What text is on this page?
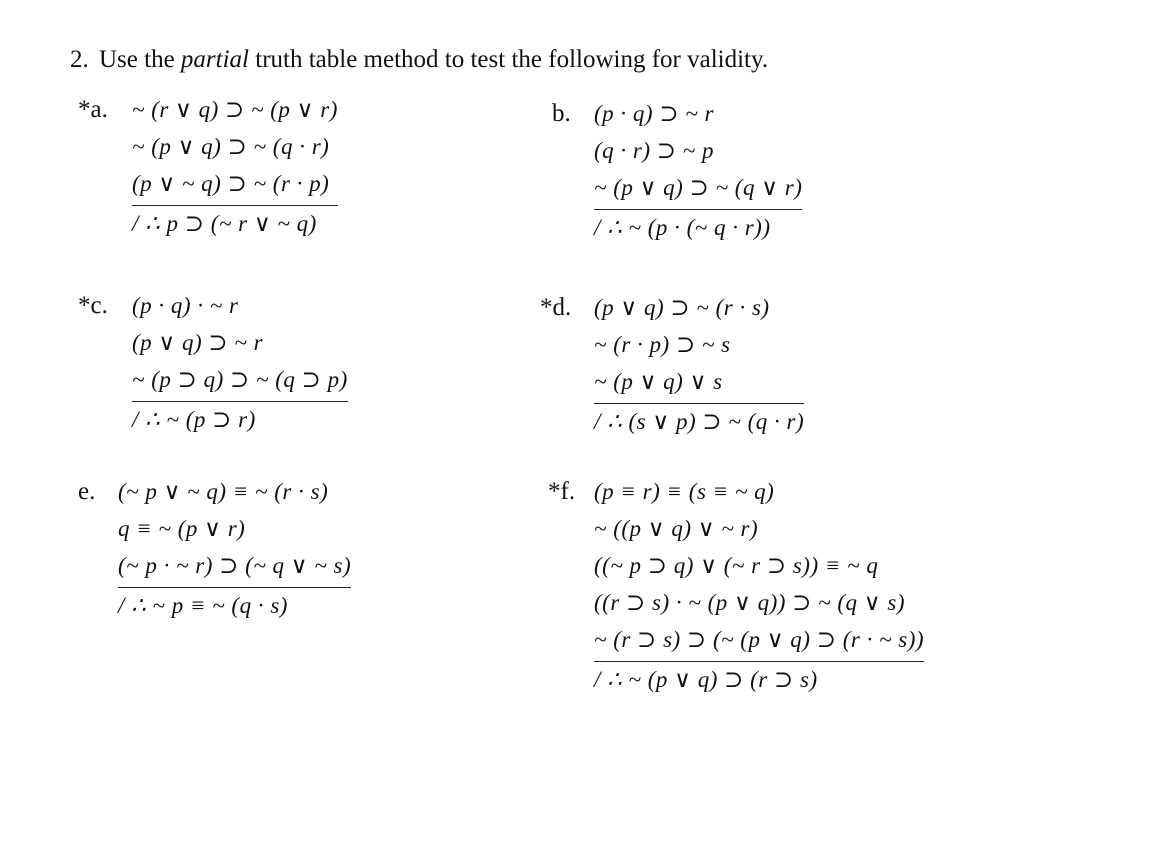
2. Use the partial truth table method to test the following for validity.
*a. ~ (r ∨ q) ⊃ ~ (p ∨ r)
~ (p ∨ q) ⊃ ~ (q · r)
(p ∨ ~ q) ⊃ ~ (r · p)
/ ∴ p ⊃ (~ r ∨ ~ q)
b. (p · q) ⊃ ~ r
(q · r) ⊃ ~ p
~ (p ∨ q) ⊃ ~ (q ∨ r)
/ ∴ ~ (p · (~ q · r))
*c. (p · q) · ~ r
(p ∨ q) ⊃ ~ r
~ (p ⊃ q) ⊃ ~ (q ⊃ p)
/ ∴ ~ (p ⊃ r)
*d. (p ∨ q) ⊃ ~ (r · s)
~ (r · p) ⊃ ~ s
~ (p ∨ q) ∨ s
/ ∴ (s ∨ p) ⊃ ~ (q · r)
e. (~ p ∨ ~ q) ≡ ~ (r · s)
q ≡ ~ (p ∨ r)
(~ p · ~ r) ⊃ (~ q ∨ ~ s)
/ ∴ ~ p ≡ ~ (q · s)
*f. (p ≡ r) ≡ (s ≡ ~ q)
~ ((p ∨ q) ∨ ~ r)
((~ p ⊃ q) ∨ (~ r ⊃ s)) ≡ ~ q
((r ⊃ s) · ~ (p ∨ q)) ⊃ ~ (q ∨ s)
~ (r ⊃ s) ⊃ (~ (p ∨ q) ⊃ (r · ~ s))
/ ∴ ~ (p ∨ q) ⊃ (r ⊃ s)
